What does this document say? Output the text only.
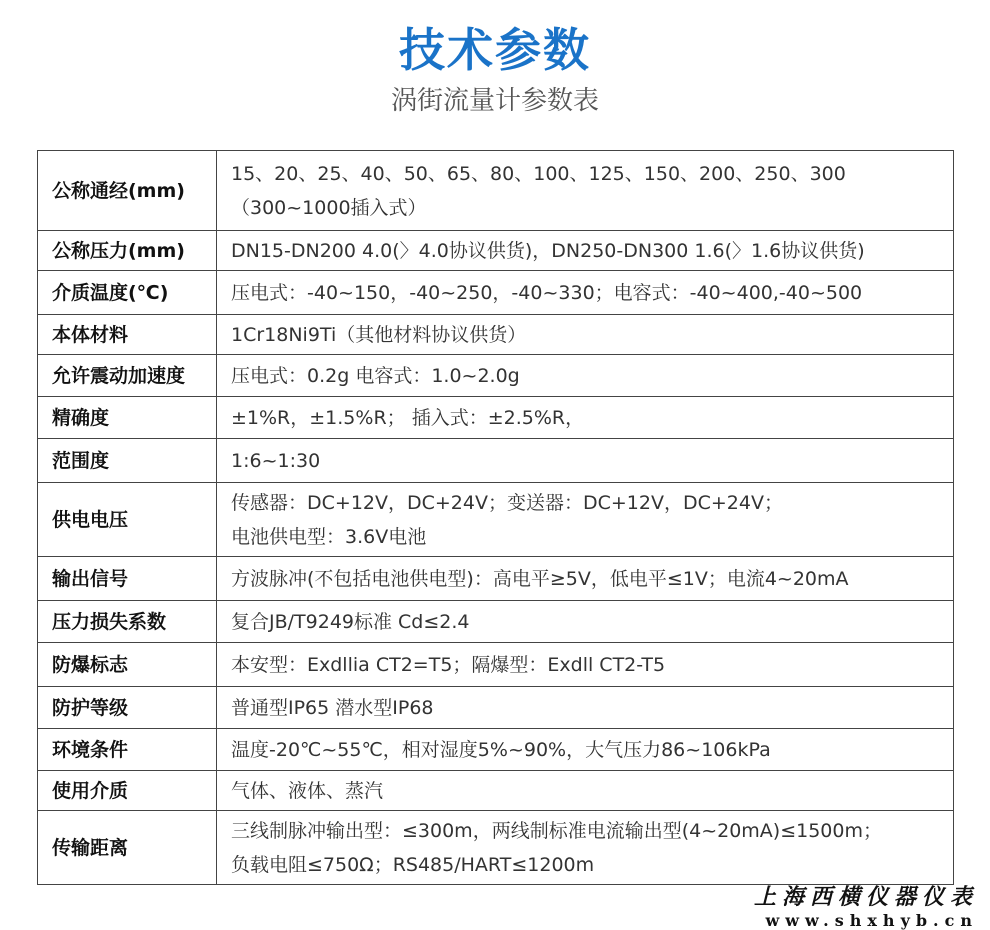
技术参数
涡街流量计参数表
公称通经(mm)	15、20、25、40、50、65、80、100、125、150、200、250、300
（300~1000插入式）

公称压力(mm)	DN15-DN200 4.0(〉4.0协议供货)，DN250-DN300 1.6(〉1.6协议供货)

介质温度(℃)	压电式：-40~150，-40~250，-40~330；电容式：-40~400,-40~500

本体材料	1Cr18Ni9Ti（其他材料协议供货）

允许震动加速度	压电式：0.2g 电容式：1.0~2.0g

精确度	±1%R，±1.5%R； 插入式：±2.5%R，

范围度	1:6~1:30

供电电压	传感器：DC+12V，DC+24V；变送器：DC+12V，DC+24V；
电池供电型：3.6V电池

输出信号	方波脉冲(不包括电池供电型)：高电平≥5V，低电平≤1V；电流4~20mA

压力损失系数	复合JB/T9249标准 Cd≤2.4

防爆标志	本安型：Exdllia CT2=T5；隔爆型：Exdll CT2-T5

防护等级	普通型IP65 潜水型IP68

环境条件	温度-20℃~55℃，相对湿度5%~90%，大气压力86~106kPa

使用介质	气体、液体、蒸汽

传输距离	三线制脉冲输出型：≤300m，两线制标准电流输出型(4~20mA)≤1500m；
负载电阻≤750Ω；RS485/HART≤1200m
上海西横仪器仪表
www.shxhyb.cn
